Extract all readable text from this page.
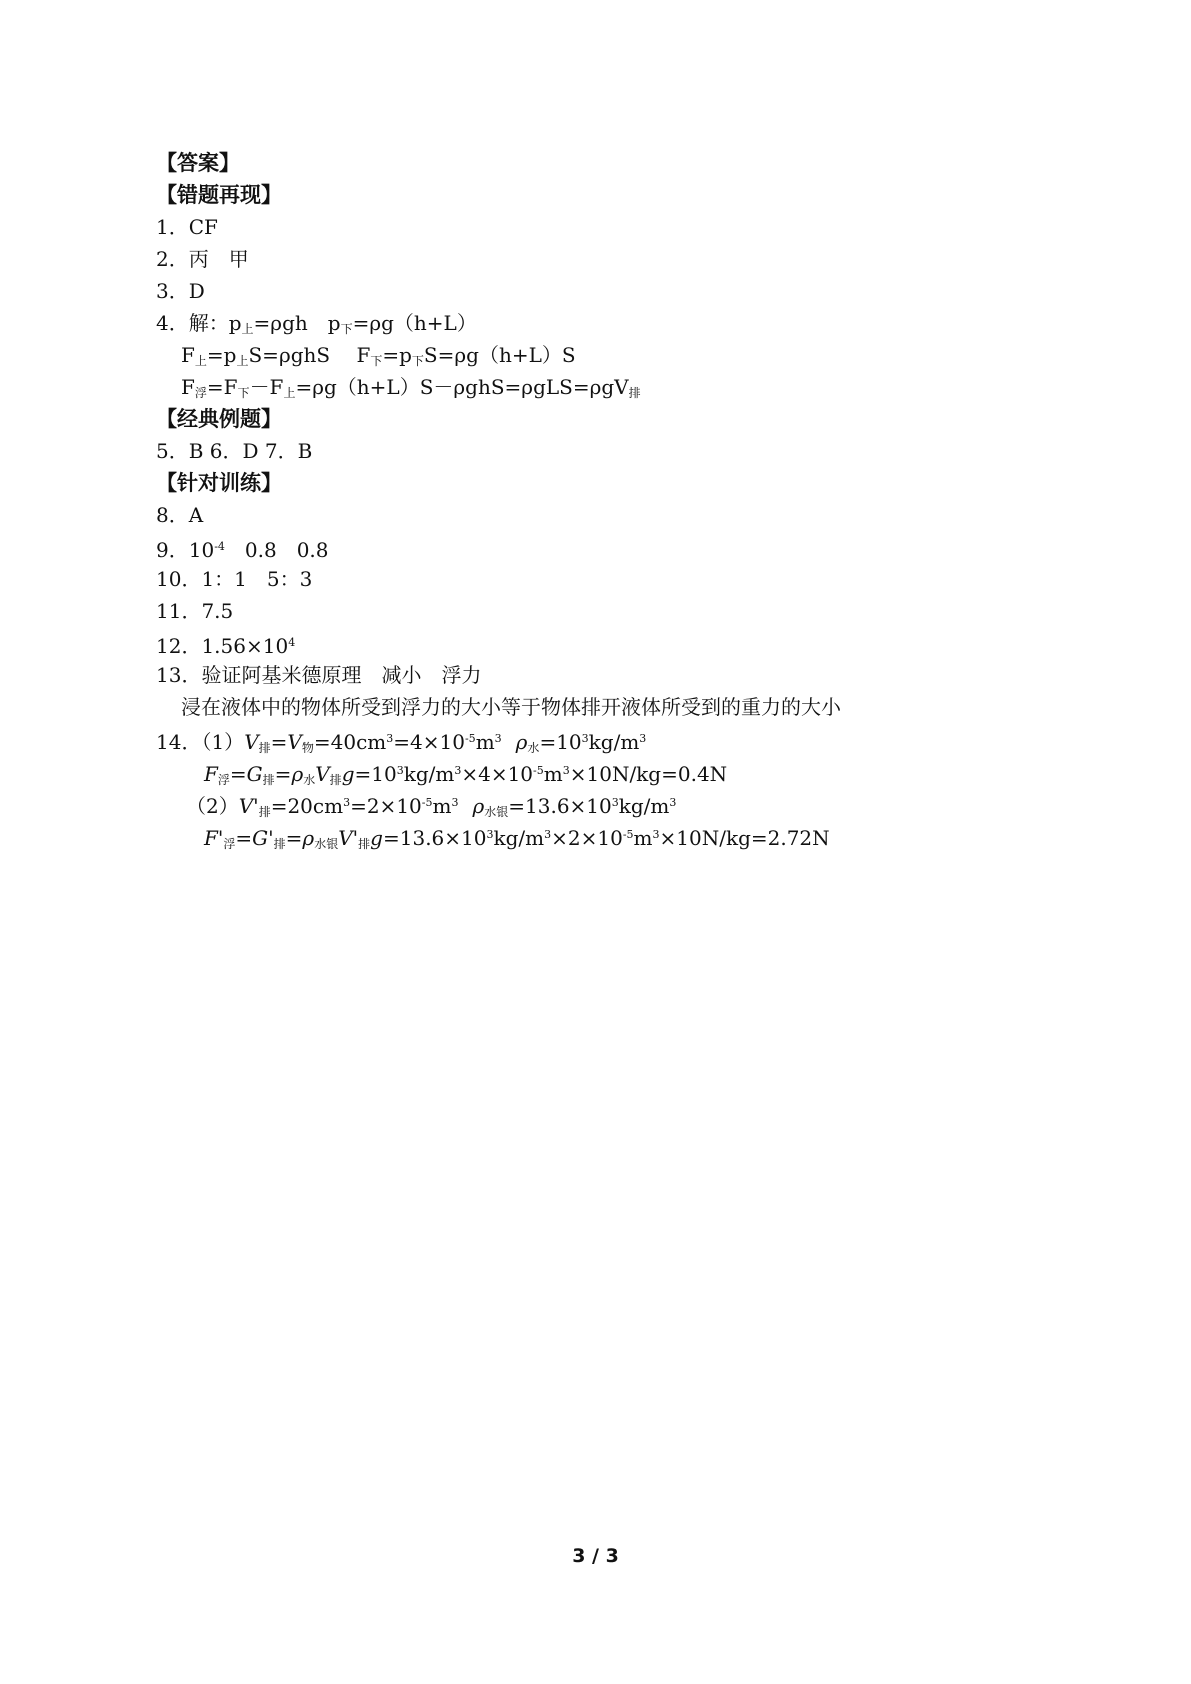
【答案】
【错题再现】
1．CF
2．丙　甲
3．D
4．解：$p_上=\rho gh$　$p_下=\rho g(h+L)$
$F_上=p_上S=\rho ghS$　 $F_下=p_下S=\rho g(h+L)S$
$F_浮=F_下-F_上=\rho g(h+L)S-\rho ghS=\rho gLS=\rho gV_排$
【经典例题】
5．B 6．D 7．B
【针对训练】
8．A
9．$10^{-4}$　0.8　0.8
10．1：1　5：3
11．7.5
12．$1.56\times 10^4$
13．验证阿基米德原理　减小　浮力
浸在液体中的物体所受到浮力的大小等于物体排开液体所受到的重力的大小
14．$(1)V_排=V_物=40cm^3=4\times 10^{-5}m^3$ $\rho_水=10^3kg/m^3$
$F_浮=G_排=\rho_水V_排g=10^3kg/m^3\times 4\times 10^{-5}m^3\times 10N/kg=0.4N$
$(2)V'_排=20cm^3=2\times 10^{-5}m^3$ $\rho_{水银}=13.6\times 10^3kg/m^3$
$F'_浮=G'_排=\rho_{水银}V'_排g=13.6\times 10^3kg/m^3\times 2\times 10^{-5}m^3\times 10N/kg=2.72N$
3 / 3
